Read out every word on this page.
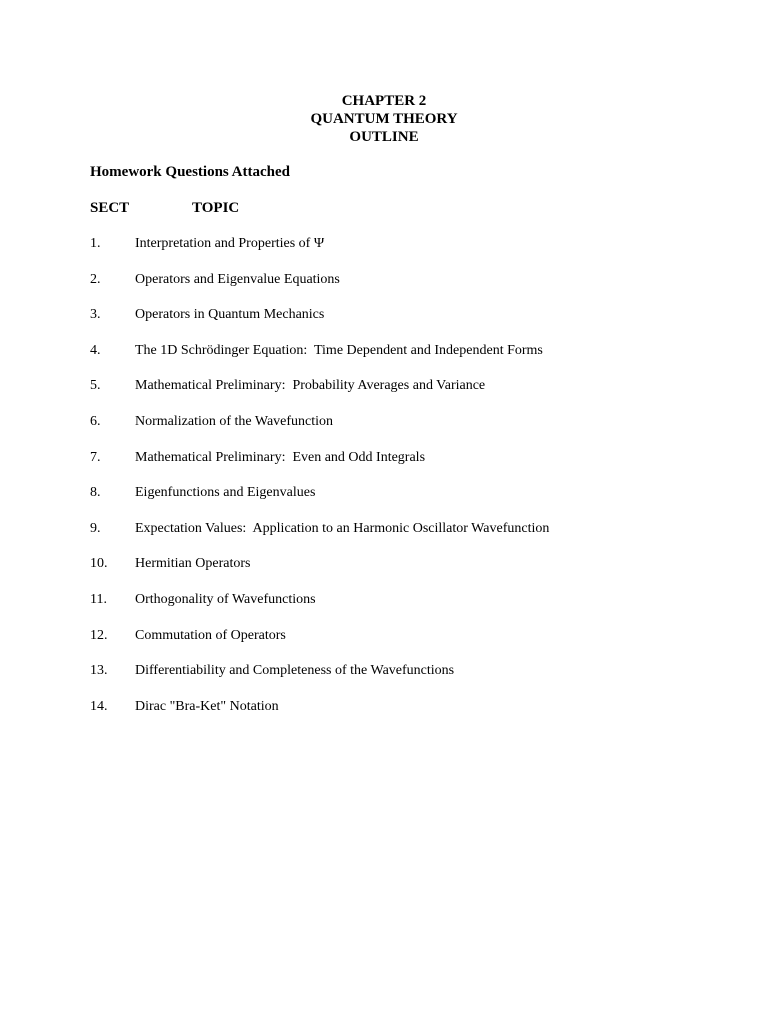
CHAPTER 2
QUANTUM THEORY
OUTLINE
Homework Questions Attached
SECT	TOPIC
1. Interpretation and Properties of Ψ
2. Operators and Eigenvalue Equations
3. Operators in Quantum Mechanics
4. The 1D Schrödinger Equation:  Time Dependent and Independent Forms
5. Mathematical Preliminary:  Probability Averages and Variance
6. Normalization of the Wavefunction
7. Mathematical Preliminary:  Even and Odd Integrals
8. Eigenfunctions and Eigenvalues
9. Expectation Values:  Application to an Harmonic Oscillator Wavefunction
10. Hermitian Operators
11. Orthogonality of Wavefunctions
12. Commutation of Operators
13. Differentiability and Completeness of the Wavefunctions
14. Dirac "Bra-Ket" Notation
